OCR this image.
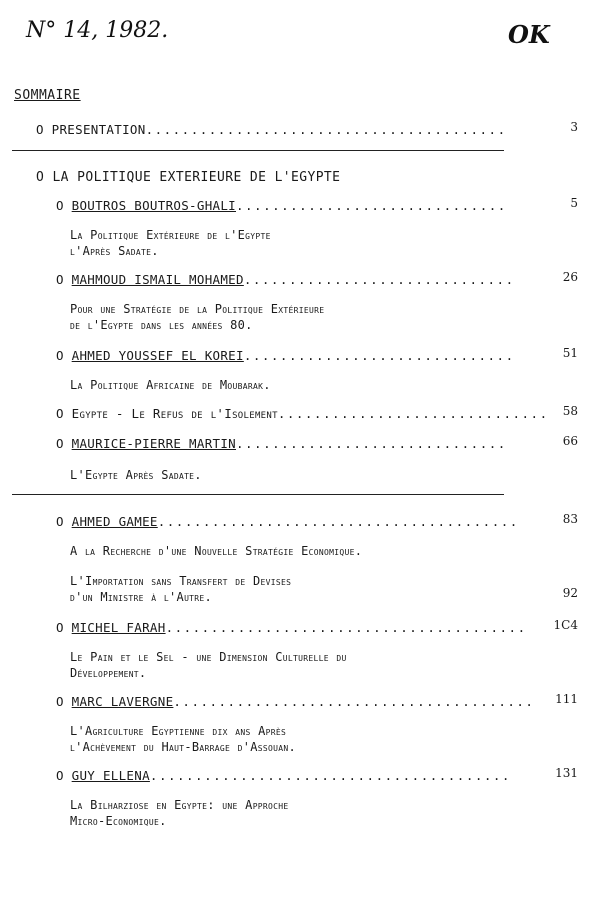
N° 14, 1982.	OK
SOMMAIRE
O PRESENTATION........................................	3
O LA POLITIQUE EXTERIEURE DE L'EGYPTE
O BOUTROS BOUTROS-GHALI..............................	5
La Politique Extérieure de l'Egypte
l'Après Sadate.
O MAHMOUD ISMAIL MOHAMED..............................	26
Pour une Stratégie de la Politique Extérieure
de l'Egypte dans les années 80.
O AHMED YOUSSEF EL KOREI..............................	51
La Politique Africaine de Moubarak.
O Egypte - Le Refus de l'Isolement..............................	58
O MAURICE-PIERRE MARTIN..............................	66
L'Egypte Après Sadate.
O AHMED GAMEE........................................	83
A la Recherche d'une Nouvelle Stratégie Economique.
L'Importation sans Transfert de Devises
d'un Ministre à l'Autre.	92
O MICHEL FARAH........................................	1C4
Le Pain et le Sel - une Dimension Culturelle du
Développement.
O MARC LAVERGNE........................................	111
L'Agriculture Egyptienne dix ans Après
l'Achèvement du Haut-Barrage d'Assouan.
O GUY ELLENA........................................	131
La Bilharziose en Egypte: une Approche
Micro-Economique.
